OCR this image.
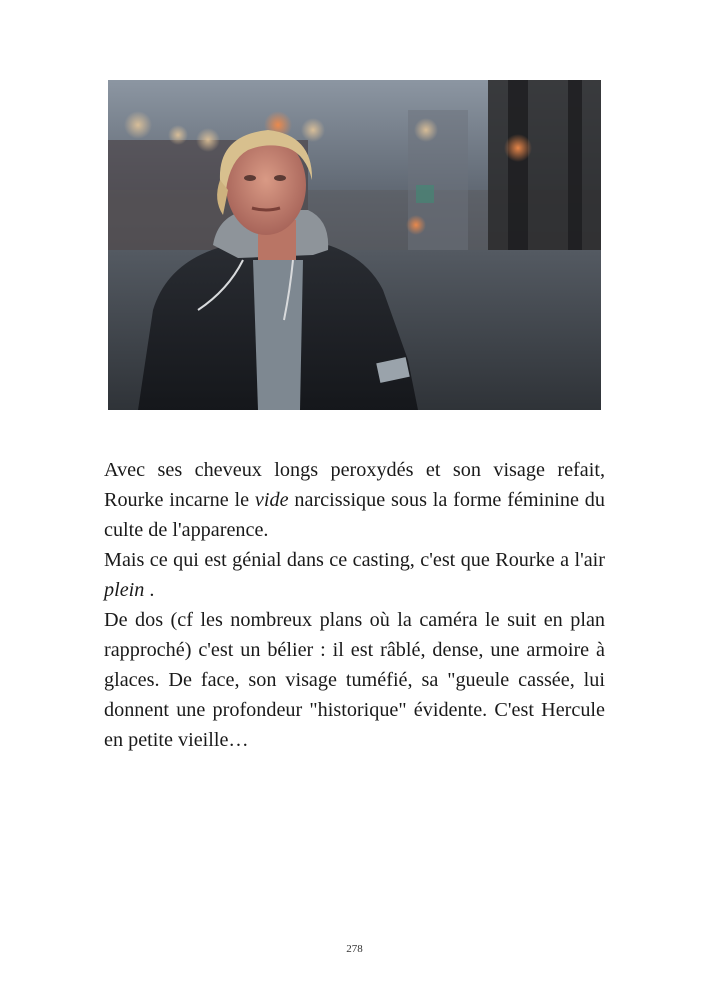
Avec ses cheveux longs peroxydés et son visage refait, Rourke incarne le vide narcissique sous la forme féminine du culte de l'apparence.

Mais ce qui est génial dans ce casting, c'est que Rourke a l'air plein .

De dos (cf les nombreux plans où la caméra le suit en plan rapproché) c'est un bélier : il est râblé, dense, une armoire à glaces. De face, son visage tuméfié, sa "gueule cassée, lui donnent une profondeur "historique" évidente. C'est Hercule en petite vieille…

278
